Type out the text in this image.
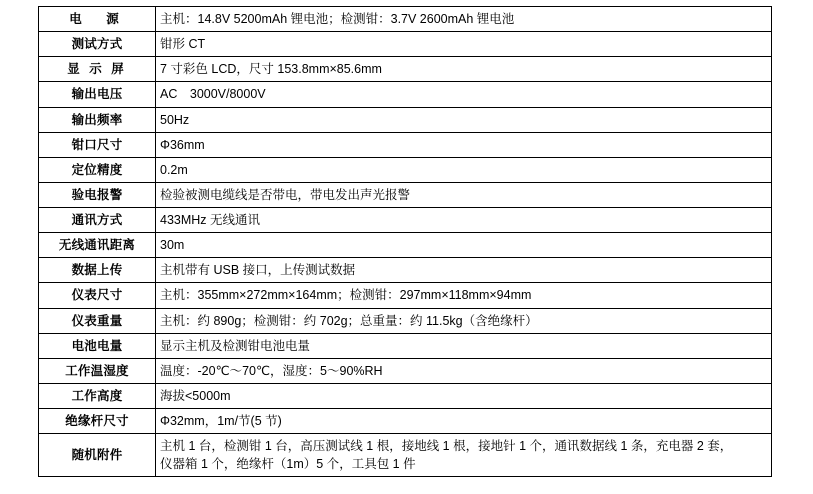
电　源	主机：14.8V 5200mAh 锂电池；检测钳：3.7V 2600mAh 锂电池

测试方式	钳形 CT

显 示 屏	7 寸彩色 LCD，尺寸 153.8mm×85.6mm

输出电压	AC　3000V/8000V

输出频率	50Hz

钳口尺寸	Φ36mm

定位精度	0.2m

验电报警	检验被测电缆线是否带电，带电发出声光报警

通讯方式	433MHz 无线通讯

无线通讯距离	30m

数据上传	主机带有 USB 接口，上传测试数据

仪表尺寸	主机：355mm×272mm×164mm；检测钳：297mm×118mm×94mm

仪表重量	主机：约 890g；检测钳：约 702g；总重量：约 11.5kg（含绝缘杆）

电池电量	显示主机及检测钳电池电量

工作温湿度	温度：-20℃～70℃，湿度：5～90%RH

工作高度	海拔<5000m

绝缘杆尺寸	Φ32mm，1m/节(5 节)

随机附件	主机 1 台，检测钳 1 台，高压测试线 1 根，接地线 1 根，接地针 1 个，通讯数据线 1 条，充电器 2 套，
仪器箱 1 个，绝缘杆（1m）5 个，工具包 1 件
